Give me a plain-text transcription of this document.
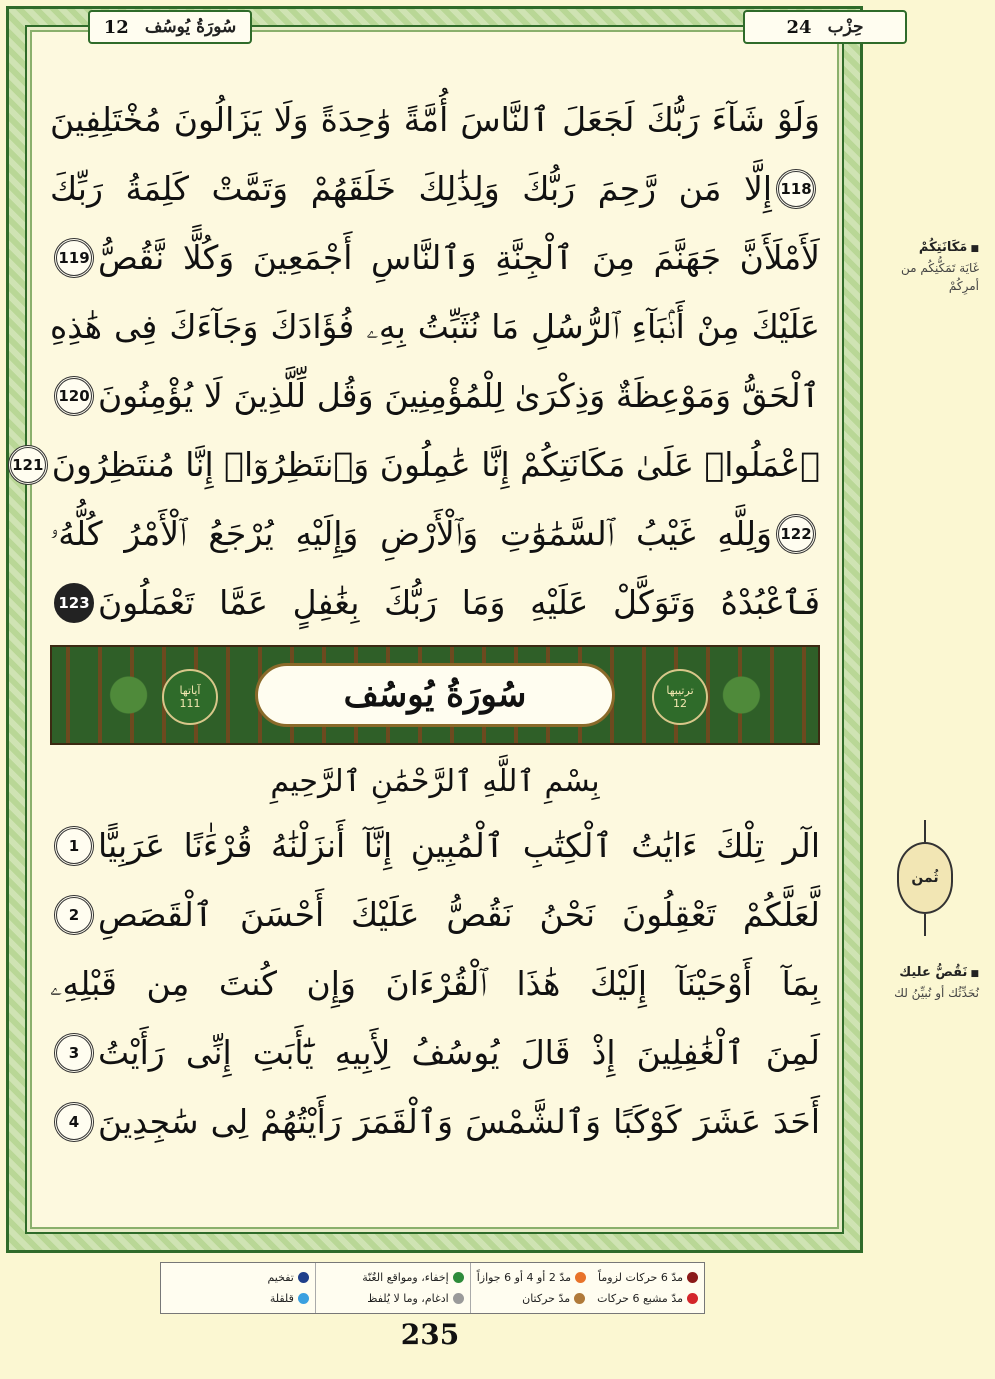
12 سُورَةُ يُوسُف	24 حِزْب
وَلَوْ شَآءَ رَبُّكَ لَجَعَلَ ٱلنَّاسَ أُمَّةً وَٰحِدَةً وَلَا يَزَالُونَ مُخْتَلِفِينَ
118
إِلَّا مَن رَّحِمَ رَبُّكَ وَلِذَٰلِكَ خَلَقَهُمْ وَتَمَّتْ كَلِمَةُ رَبِّكَ
لَأَمْلَأَنَّ جَهَنَّمَ مِنَ ٱلْجِنَّةِ وَٱلنَّاسِ أَجْمَعِينَ وَكُلًّا نَّقُصُّ
119
عَلَيْكَ مِنْ أَنۢبَآءِ ٱلرُّسُلِ مَا نُثَبِّتُ بِهِۦ فُؤَادَكَ وَجَآءَكَ فِى هَٰذِهِ
ٱلْحَقُّ وَمَوْعِظَةٌ وَذِكْرَىٰ لِلْمُؤْمِنِينَ وَقُل لِّلَّذِينَ لَا يُؤْمِنُونَ
120
ٱعْمَلُوا۟ عَلَىٰ مَكَانَتِكُمْ إِنَّا عَٰمِلُونَ وَٱنتَظِرُوٓا۟ إِنَّا مُنتَظِرُونَ
121
122
وَلِلَّهِ غَيْبُ ٱلسَّمَٰوَٰتِ وَٱلْأَرْضِ وَإِلَيْهِ يُرْجَعُ ٱلْأَمْرُ كُلُّهُۥ
فَٱعْبُدْهُ وَتَوَكَّلْ عَلَيْهِ وَمَا رَبُّكَ بِغَٰفِلٍ عَمَّا تَعْمَلُونَ
123
ترتيبها
12
سُورَةُ يُوسُف
آياتها
111
بِسْمِ ٱللَّهِ ٱلرَّحْمَٰنِ ٱلرَّحِيمِ
الٓر تِلْكَ ءَايَٰتُ ٱلْكِتَٰبِ ٱلْمُبِينِ إِنَّآ أَنزَلْنَٰهُ قُرْءَٰنًا عَرَبِيًّا
1
لَّعَلَّكُمْ تَعْقِلُونَ نَحْنُ نَقُصُّ عَلَيْكَ أَحْسَنَ ٱلْقَصَصِ
2
بِمَآ أَوْحَيْنَآ إِلَيْكَ هَٰذَا ٱلْقُرْءَانَ وَإِن كُنتَ مِن قَبْلِهِۦ
لَمِنَ ٱلْغَٰفِلِينَ إِذْ قَالَ يُوسُفُ لِأَبِيهِ يَٰٓأَبَتِ إِنِّى رَأَيْتُ
3
أَحَدَ عَشَرَ كَوْكَبًا وَٱلشَّمْسَ وَٱلْقَمَرَ رَأَيْتُهُمْ لِى سَٰجِدِينَ
4
■ مَكَانَتِكُمْ
غَايَة تَمَكُّنِكُم من أمرِكُمْ
■ نَقُصُّ عليك
نُحَدِّثُك أو نُبيِّنُ لك
ثُمن
مدّ 6 حركات لزوماً
مدّ 2 أو 4 أو 6 جوازاً
مدّ مشبع 6 حركات
مدّ حركتان
إخفاء، ومواقع الغُنّة
ادغام، وما لا يُلفظ
تفخيم
قلقلة
235
